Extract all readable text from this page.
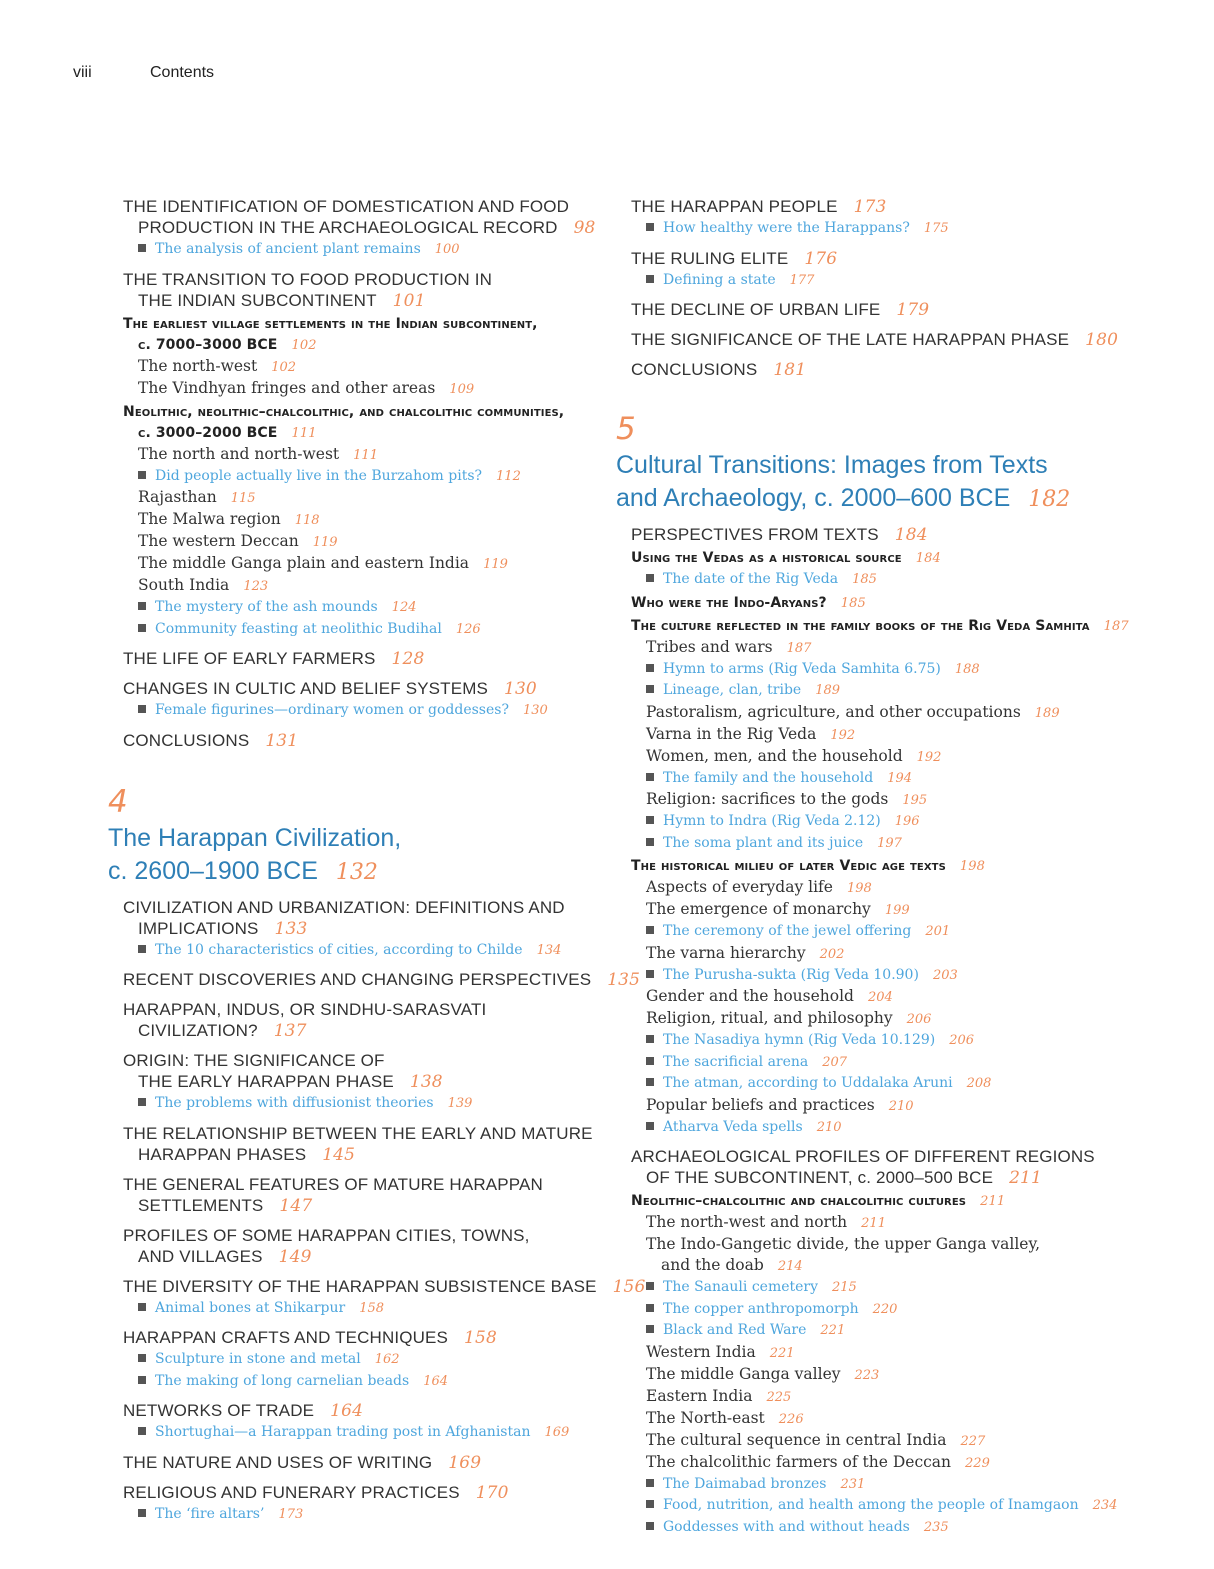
viii	Contents
THE IDENTIFICATION OF DOMESTICATION AND FOOD
PRODUCTION IN THE ARCHAEOLOGICAL RECORD 98
The analysis of ancient plant remains 100
THE TRANSITION TO FOOD PRODUCTION IN
THE INDIAN SUBCONTINENT 101
The earliest village settlements in the Indian subcontinent,
c. 7000–3000 BCE 102
The north-west 102
The Vindhyan fringes and other areas 109
Neolithic, neolithic–chalcolithic, and chalcolithic communities,
c. 3000–2000 BCE 111
The north and north-west 111
Did people actually live in the Burzahom pits? 112
Rajasthan 115
The Malwa region 118
The western Deccan 119
The middle Ganga plain and eastern India 119
South India 123
The mystery of the ash mounds 124
Community feasting at neolithic Budihal 126
THE LIFE OF EARLY FARMERS 128
CHANGES IN CULTIC AND BELIEF SYSTEMS 130
Female figurines—ordinary women or goddesses? 130
CONCLUSIONS 131
4
The Harappan Civilization,
c. 2600–1900 BCE 132
CIVILIZATION AND URBANIZATION: DEFINITIONS AND
IMPLICATIONS 133
The 10 characteristics of cities, according to Childe 134
RECENT DISCOVERIES AND CHANGING PERSPECTIVES 135
HARAPPAN, INDUS, OR SINDHU-SARASVATI
CIVILIZATION? 137
ORIGIN: THE SIGNIFICANCE OF
THE EARLY HARAPPAN PHASE 138
The problems with diffusionist theories 139
THE RELATIONSHIP BETWEEN THE EARLY AND MATURE
HARAPPAN PHASES 145
THE GENERAL FEATURES OF MATURE HARAPPAN
SETTLEMENTS 147
PROFILES OF SOME HARAPPAN CITIES, TOWNS,
AND VILLAGES 149
THE DIVERSITY OF THE HARAPPAN SUBSISTENCE BASE 156
Animal bones at Shikarpur 158
HARAPPAN CRAFTS AND TECHNIQUES 158
Sculpture in stone and metal 162
The making of long carnelian beads 164
NETWORKS OF TRADE 164
Shortughai—a Harappan trading post in Afghanistan 169
THE NATURE AND USES OF WRITING 169
RELIGIOUS AND FUNERARY PRACTICES 170
The ‘fire altars’ 173
THE HARAPPAN PEOPLE 173
How healthy were the Harappans? 175
THE RULING ELITE 176
Defining a state 177
THE DECLINE OF URBAN LIFE 179
THE SIGNIFICANCE OF THE LATE HARAPPAN PHASE 180
CONCLUSIONS 181
5
Cultural Transitions: Images from Texts
and Archaeology, c. 2000–600 BCE 182
PERSPECTIVES FROM TEXTS 184
Using the Vedas as a historical source 184
The date of the Rig Veda 185
Who were the Indo-Aryans? 185
The culture reflected in the family books of the Rig Veda Samhita 187
Tribes and wars 187
Hymn to arms (Rig Veda Samhita 6.75) 188
Lineage, clan, tribe 189
Pastoralism, agriculture, and other occupations 189
Varna in the Rig Veda 192
Women, men, and the household 192
The family and the household 194
Religion: sacrifices to the gods 195
Hymn to Indra (Rig Veda 2.12) 196
The soma plant and its juice 197
The historical milieu of later Vedic age texts 198
Aspects of everyday life 198
The emergence of monarchy 199
The ceremony of the jewel offering 201
The varna hierarchy 202
The Purusha-sukta (Rig Veda 10.90) 203
Gender and the household 204
Religion, ritual, and philosophy 206
The Nasadiya hymn (Rig Veda 10.129) 206
The sacrificial arena 207
The atman, according to Uddalaka Aruni 208
Popular beliefs and practices 210
Atharva Veda spells 210
ARCHAEOLOGICAL PROFILES OF DIFFERENT REGIONS
OF THE SUBCONTINENT, c. 2000–500 BCE 211
Neolithic–chalcolithic and chalcolithic cultures 211
The north-west and north 211
The Indo-Gangetic divide, the upper Ganga valley,
and the doab 214
The Sanauli cemetery 215
The copper anthropomorph 220
Black and Red Ware 221
Western India 221
The middle Ganga valley 223
Eastern India 225
The North-east 226
The cultural sequence in central India 227
The chalcolithic farmers of the Deccan 229
The Daimabad bronzes 231
Food, nutrition, and health among the people of Inamgaon 234
Goddesses with and without heads 235
